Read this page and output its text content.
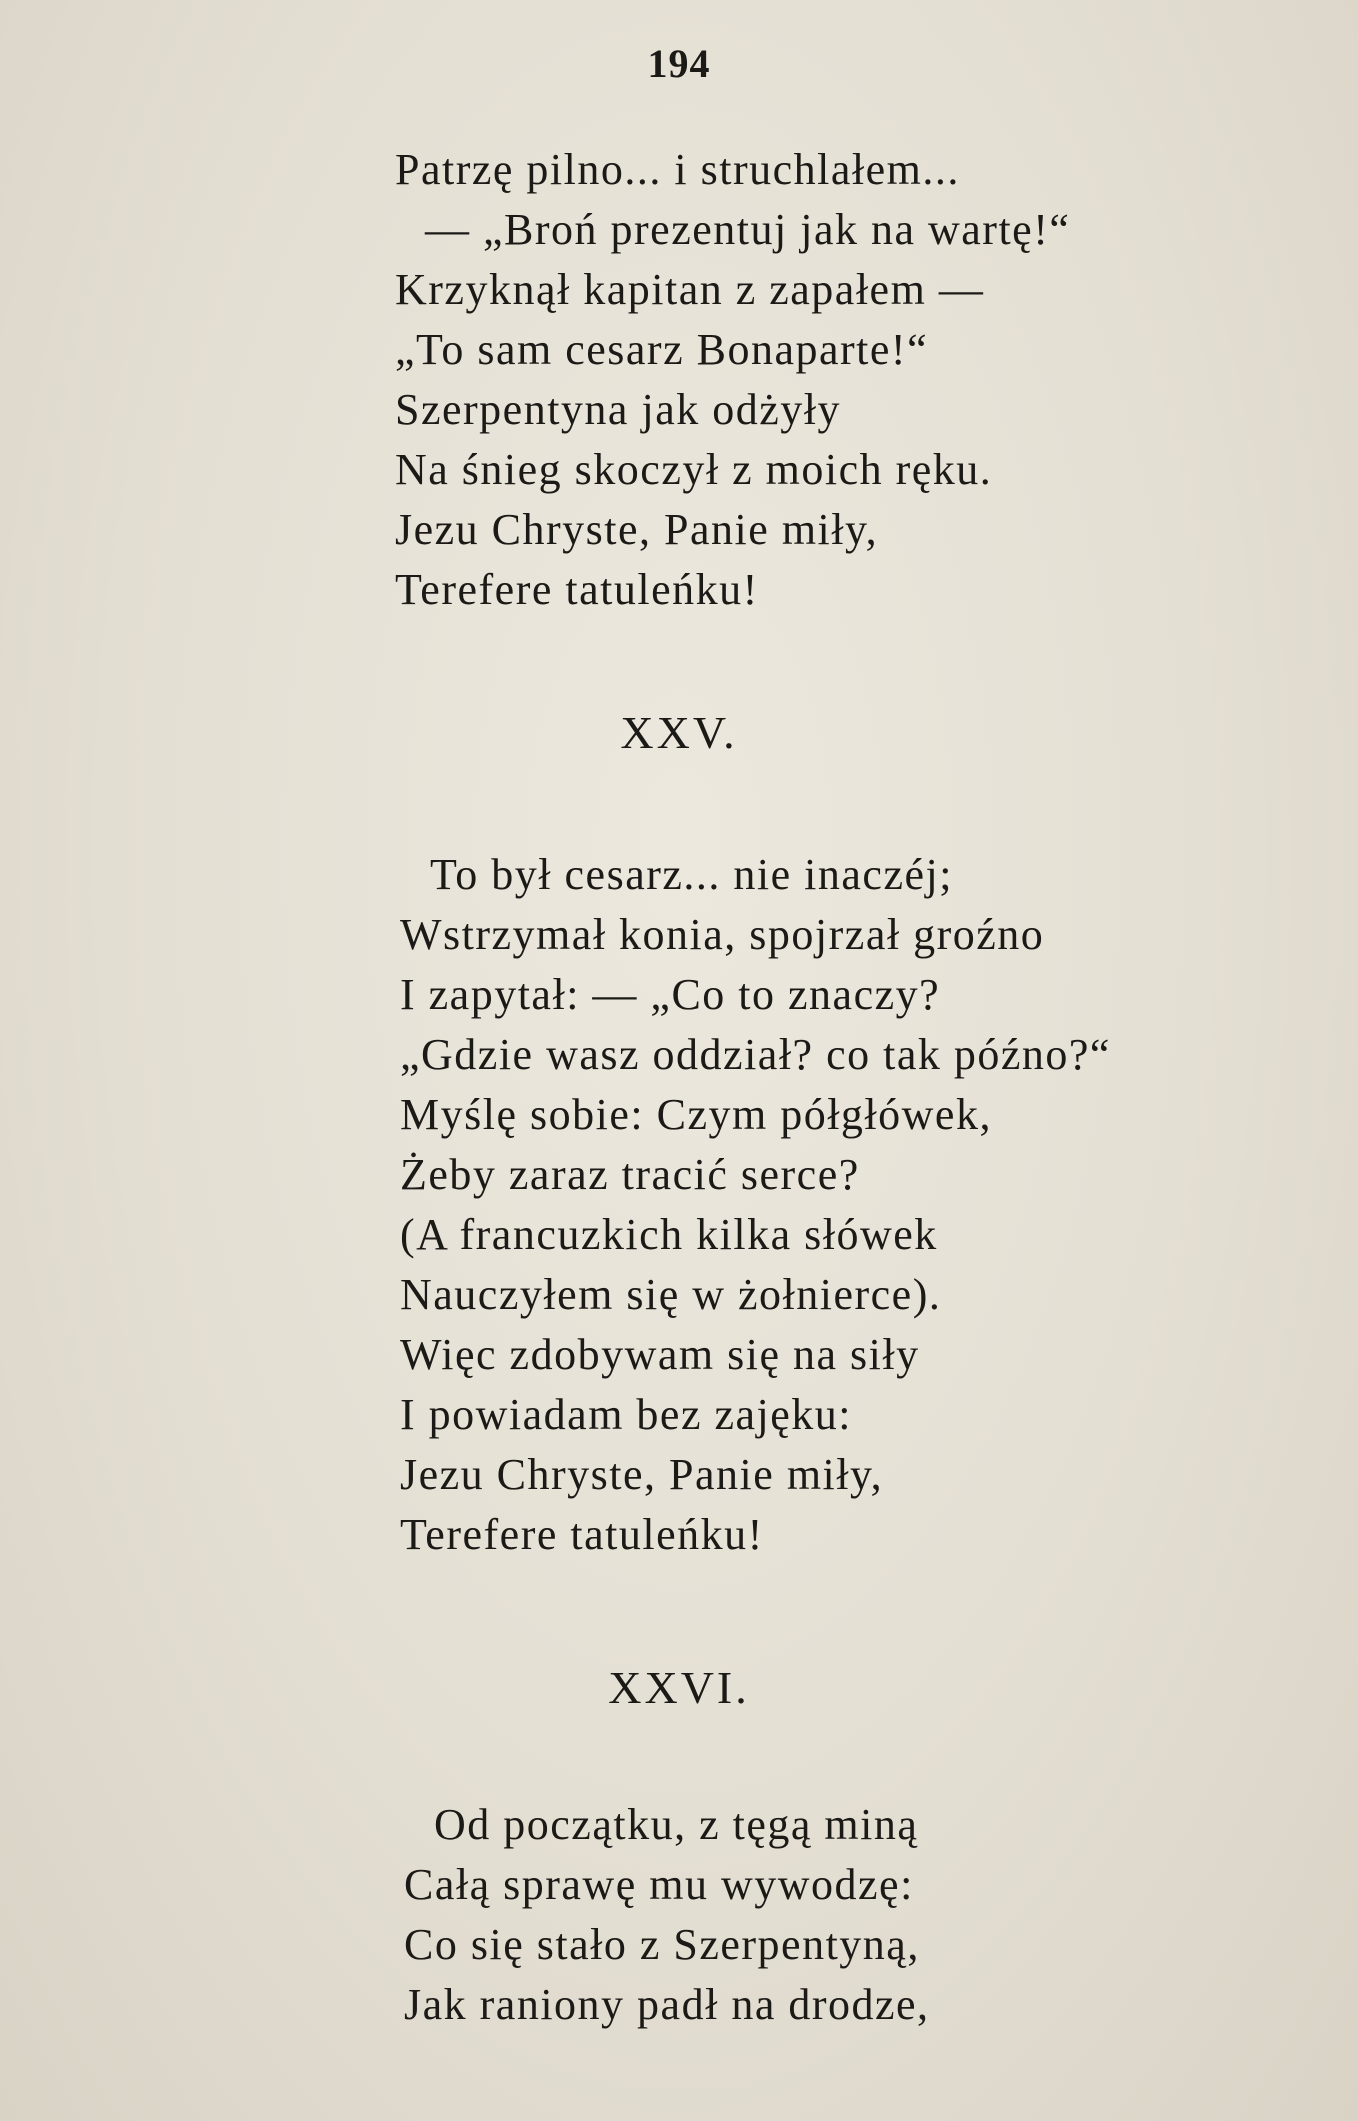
194
Patrzę pilno... i struchlałem...
— „Broń prezentuj jak na wartę!“
Krzyknął kapitan z zapałem —
„To sam cesarz Bonaparte!“
Szerpentyna jak odżyły
Na śnieg skoczył z moich ręku.
Jezu Chryste, Panie miły,
Terefere tatuleńku!
XXV.
To był cesarz... nie inaczéj;
Wstrzymał konia, spojrzał groźno
I zapytał: — „Co to znaczy?
„Gdzie wasz oddział? co tak późno?“
Myślę sobie: Czym półgłówek,
Żeby zaraz tracić serce?
(A francuzkich kilka słówek
Nauczyłem się w żołnierce).
Więc zdobywam się na siły
I powiadam bez zajęku:
Jezu Chryste, Panie miły,
Terefere tatuleńku!
XXVI.
Od początku, z tęgą miną
Całą sprawę mu wywodzę:
Co się stało z Szerpentyną,
Jak raniony padł na drodze,
